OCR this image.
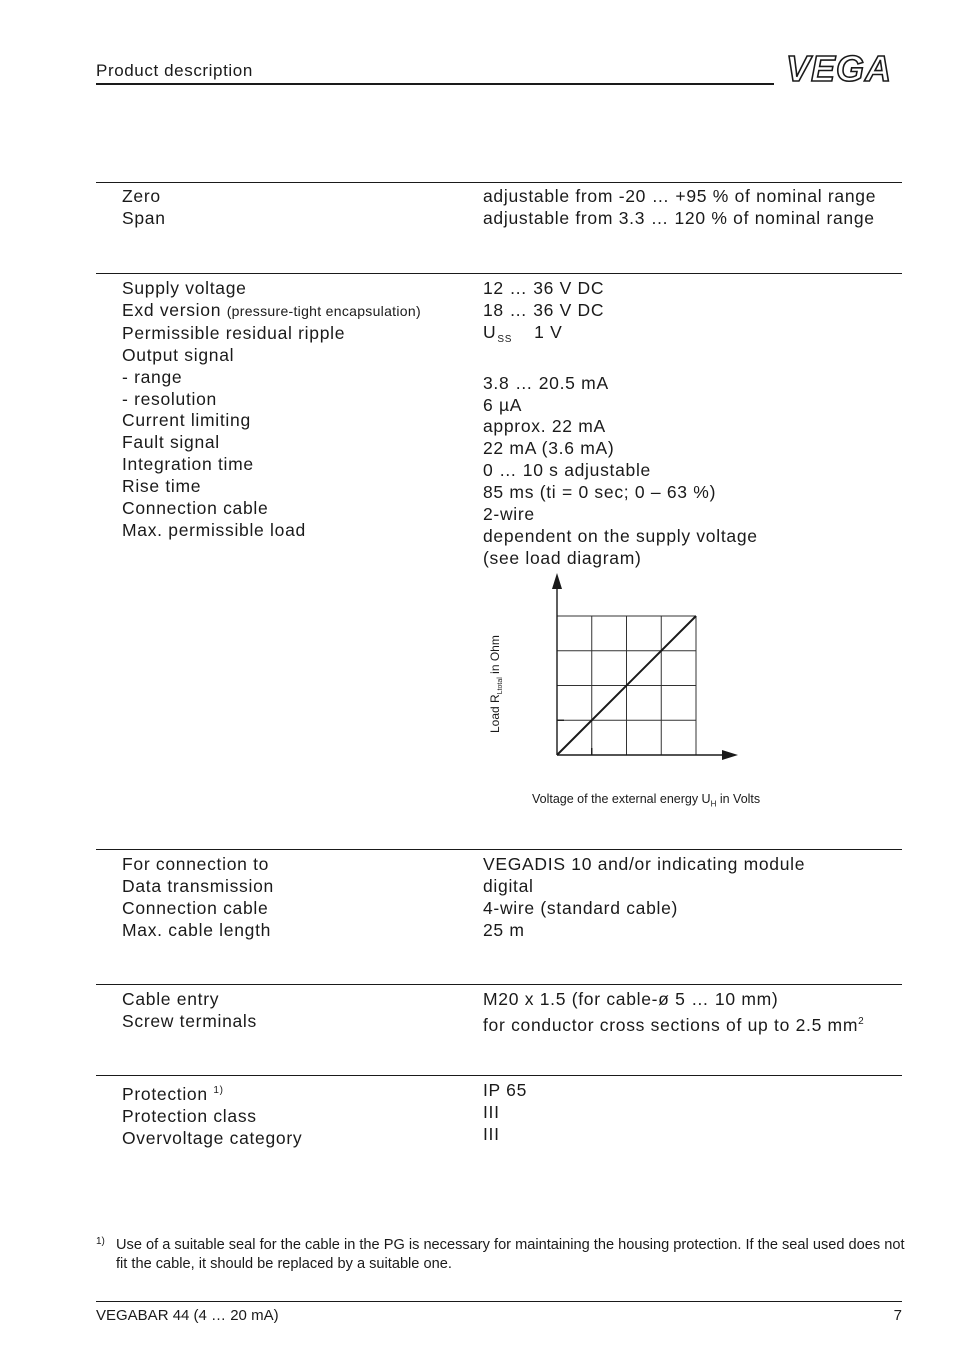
Product description	VEGA
Zero
Span
adjustable from -20 … +95 % of nominal range
adjustable from 3.3 … 120 % of nominal range
Supply voltage
Exd version (pressure-tight encapsulation)
Permissible residual ripple
Output signal
- range
- resolution
Current limiting
Fault signal
Integration time
Rise time
Connection cable
Max. permissible load
12 … 36 V DC
18 … 36 V DC
$U_{SS}$ 1 V

3.8 … 20.5 mA
6 µA
approx. 22 mA
22 mA (3.6 mA)
0 … 10 s adjustable
85 ms (ti = 0 sec; 0 – 63 %)
2-wire
dependent on the supply voltage
(see load diagram)
Load $R_{Ltotal}$ in Ohm
Voltage of the external energy $U_H$ in Volts
For connection to
Data transmission
Connection cable
Max. cable length
VEGADIS 10 and/or indicating module
digital
4-wire (standard cable)
25 m
Cable entry
Screw terminals
M20 x 1.5 (for cable-ø 5 … 10 mm)
for conductor cross sections of up to 2.5 $mm^2$
Protection $^{1)}$
Protection class
Overvoltage category
IP 65
III
III
1) Use of a suitable seal for the cable in the PG is necessary for maintaining the housing protection. If the seal used does not fit the cable, it should be replaced by a suitable one.
VEGABAR 44 (4 … 20 mA)	7
